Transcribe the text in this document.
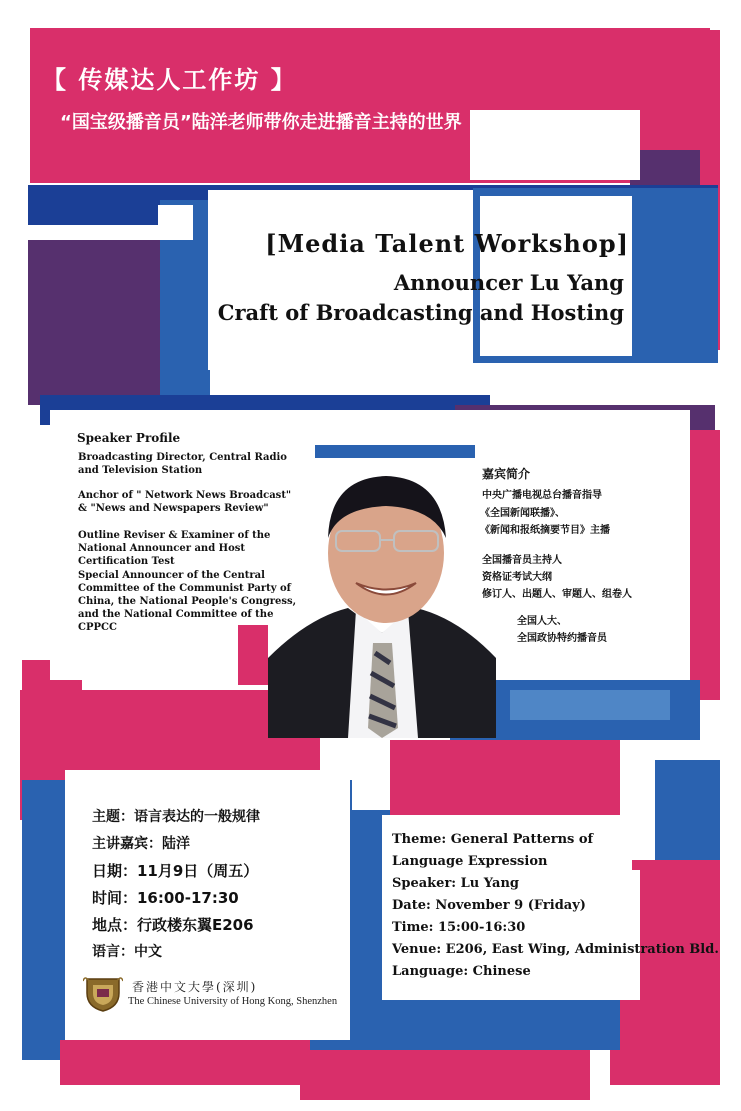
【 传媒达人工作坊 】

“国宝级播音员”陆洋老师带你走进播音主持的世界

[Media Talent Workshop]

Announcer Lu Yang

Craft of Broadcasting and Hosting

Speaker Profile

Broadcasting Director, Central Radio and Television Station

Anchor of " Network News Broadcast" & "News and Newspapers Review"

Outline Reviser & Examiner of the National Announcer and Host Certification Test

Special Announcer of the Central Committee of the Communist Party of China, the National People's Congress, and the National Committee of the CPPCC

嘉宾简介

中央广播电视总台播音指导

《全国新闻联播》、

《新闻和报纸摘要节目》主播

全国播音员主持人

资格证考试大纲

修订人、出题人、审题人、组卷人

全国人大、

全国政协特约播音员

主题：语言表达的一般规律

主讲嘉宾：陆洋

日期：11月9日（周五）

时间：16:00-17:30

地点：行政楼东翼E206

语言：中文

香港中文大學(深圳)

The Chinese University of Hong Kong, Shenzhen

Theme: General Patterns of

Language Expression

Speaker: Lu Yang

Date: November 9 (Friday)

Time: 15:00-16:30

Venue: E206, East Wing, Administration Bld.

Language: Chinese
